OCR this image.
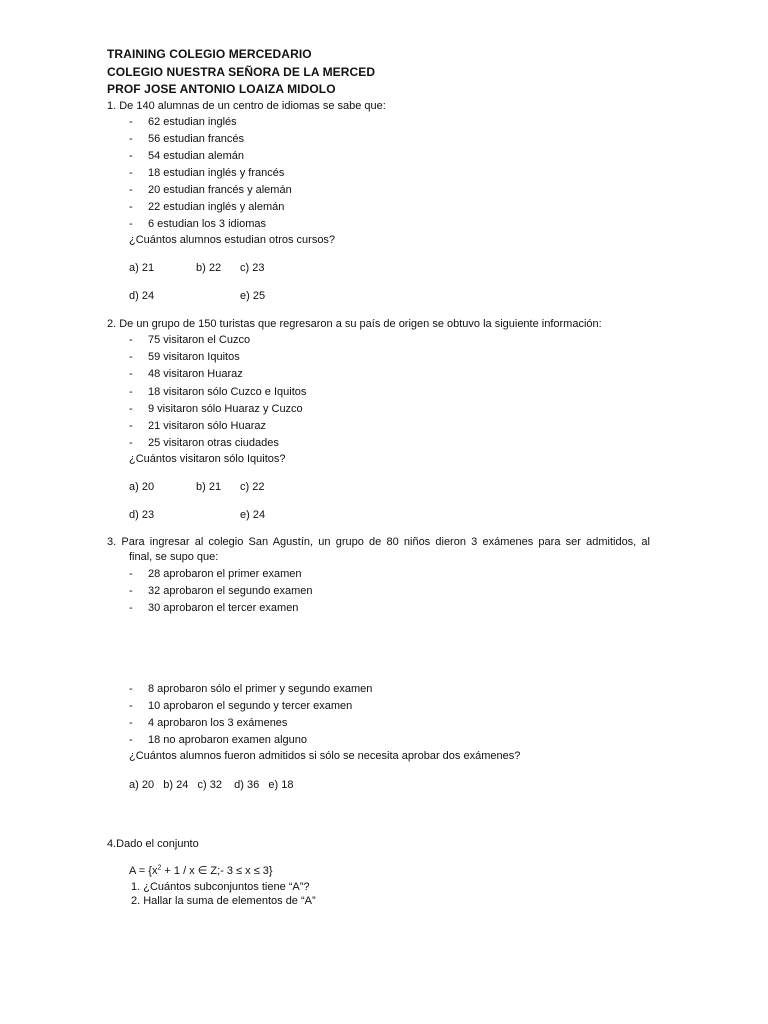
TRAINING COLEGIO MERCEDARIO
COLEGIO NUESTRA SEÑORA DE LA MERCED
PROF JOSE ANTONIO LOAIZA MIDOLO
1. De 140 alumnas de un centro de idiomas se sabe que:
- 62 estudian inglés
- 56 estudian francés
- 54 estudian alemán
- 18 estudian inglés y francés
- 20 estudian francés y alemán
- 22 estudian inglés y alemán
- 6 estudian los 3 idiomas
¿Cuántos alumnos estudian otros cursos?
a) 21	b) 22 c) 23
d) 24	e) 25
2. De un grupo de 150 turistas que regresaron a su país de origen se obtuvo la siguiente información:
- 75 visitaron el Cuzco
- 59 visitaron Iquitos
- 48 visitaron Huaraz
- 18 visitaron sólo Cuzco e Iquitos
- 9 visitaron sólo Huaraz y Cuzco
- 21 visitaron sólo Huaraz
- 25 visitaron otras ciudades
¿Cuántos visitaron sólo Iquitos?
a) 20	b) 21 c) 22
d) 23	e) 24
3. Para ingresar al colegio San Agustín, un grupo de 80 niños dieron 3 exámenes para ser admitidos, al
final, se supo que:
- 28 aprobaron el primer examen
- 32 aprobaron el segundo examen
- 30 aprobaron el tercer examen
- 8 aprobaron sólo el primer y segundo examen
- 10 aprobaron el segundo y tercer examen
- 4 aprobaron los 3 exámenes
- 18 no aprobaron examen alguno
¿Cuántos alumnos fueron admitidos si sólo se necesita aprobar dos exámenes?
a) 20   b) 24   c) 32    d) 36   e) 18
4.Dado el conjunto
$A = \{x^2 + 1 / x$ ∈ Z;- 3 ≤ x ≤ 3}
1. ¿Cuántos subconjuntos tiene “A”?
2. Hallar la suma de elementos de “A”
